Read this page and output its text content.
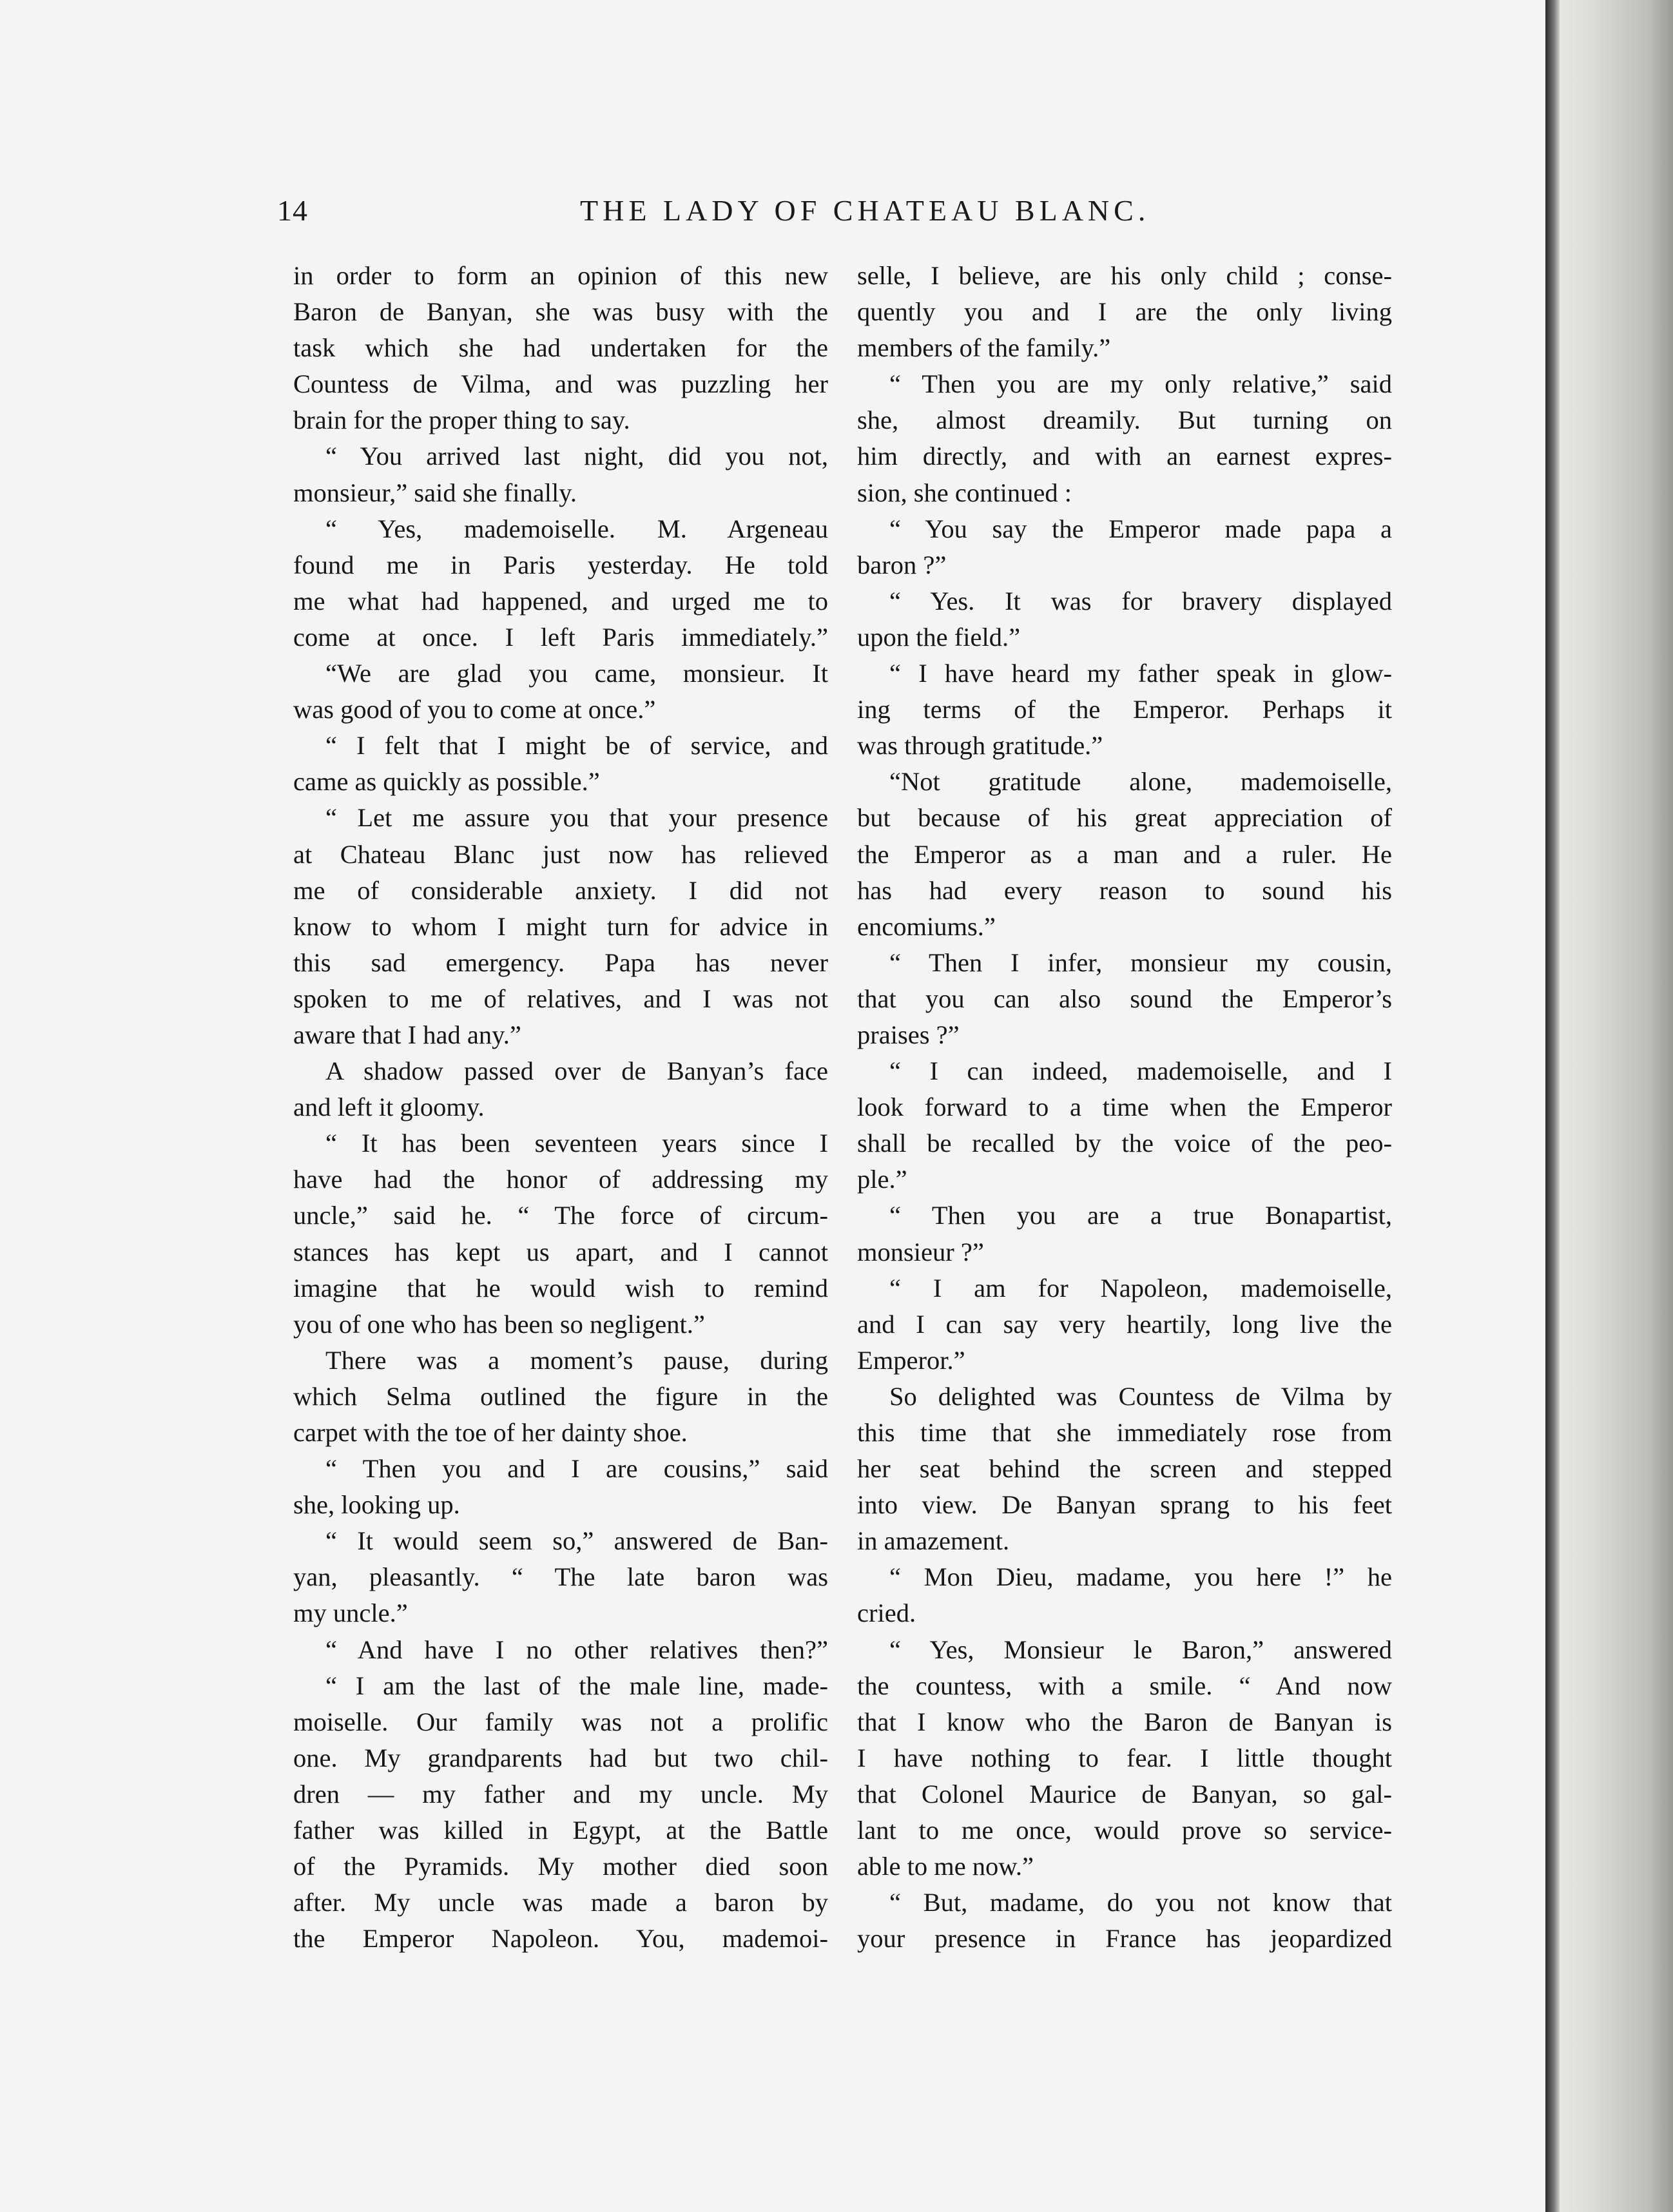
14	THE LADY OF CHATEAU BLANC.
in order to form an opinion of this new
Baron de Banyan, she was busy with the
task which she had undertaken for the
Countess de Vilma, and was puzzling her
brain for the proper thing to say.
“ You arrived last night, did you not,
monsieur,” said she finally.
“ Yes, mademoiselle. M. Argeneau
found me in Paris yesterday. He told
me what had happened, and urged me to
come at once. I left Paris immediately.”
“We are glad you came, monsieur. It
was good of you to come at once.”
“ I felt that I might be of service, and
came as quickly as possible.”
“ Let me assure you that your presence
at Chateau Blanc just now has relieved
me of considerable anxiety. I did not
know to whom I might turn for advice in
this sad emergency. Papa has never
spoken to me of relatives, and I was not
aware that I had any.”
A shadow passed over de Banyan’s face
and left it gloomy.
“ It has been seventeen years since I
have had the honor of addressing my
uncle,” said he. “ The force of circum-
stances has kept us apart, and I cannot
imagine that he would wish to remind
you of one who has been so negligent.”
There was a moment’s pause, during
which Selma outlined the figure in the
carpet with the toe of her dainty shoe.
“ Then you and I are cousins,” said
she, looking up.
“ It would seem so,” answered de Ban-
yan, pleasantly. “ The late baron was
my uncle.”
“ And have I no other relatives then?”
“ I am the last of the male line, made-
moiselle. Our family was not a prolific
one. My grandparents had but two chil-
dren — my father and my uncle. My
father was killed in Egypt, at the Battle
of the Pyramids. My mother died soon
after. My uncle was made a baron by
the Emperor Napoleon. You, mademoi-
selle, I believe, are his only child ; conse-
quently you and I are the only living
members of the family.”
“ Then you are my only relative,” said
she, almost dreamily. But turning on
him directly, and with an earnest expres-
sion, she continued :
“ You say the Emperor made papa a
baron ?”
“ Yes. It was for bravery displayed
upon the field.”
“ I have heard my father speak in glow-
ing terms of the Emperor. Perhaps it
was through gratitude.”
“Not gratitude alone, mademoiselle,
but because of his great appreciation of
the Emperor as a man and a ruler. He
has had every reason to sound his
encomiums.”
“ Then I infer, monsieur my cousin,
that you can also sound the Emperor’s
praises ?”
“ I can indeed, mademoiselle, and I
look forward to a time when the Emperor
shall be recalled by the voice of the peo-
ple.”
“ Then you are a true Bonapartist,
monsieur ?”
“ I am for Napoleon, mademoiselle,
and I can say very heartily, long live the
Emperor.”
So delighted was Countess de Vilma by
this time that she immediately rose from
her seat behind the screen and stepped
into view. De Banyan sprang to his feet
in amazement.
“ Mon Dieu, madame, you here !” he
cried.
“ Yes, Monsieur le Baron,” answered
the countess, with a smile. “ And now
that I know who the Baron de Banyan is
I have nothing to fear. I little thought
that Colonel Maurice de Banyan, so gal-
lant to me once, would prove so service-
able to me now.”
“ But, madame, do you not know that
your presence in France has jeopardized
